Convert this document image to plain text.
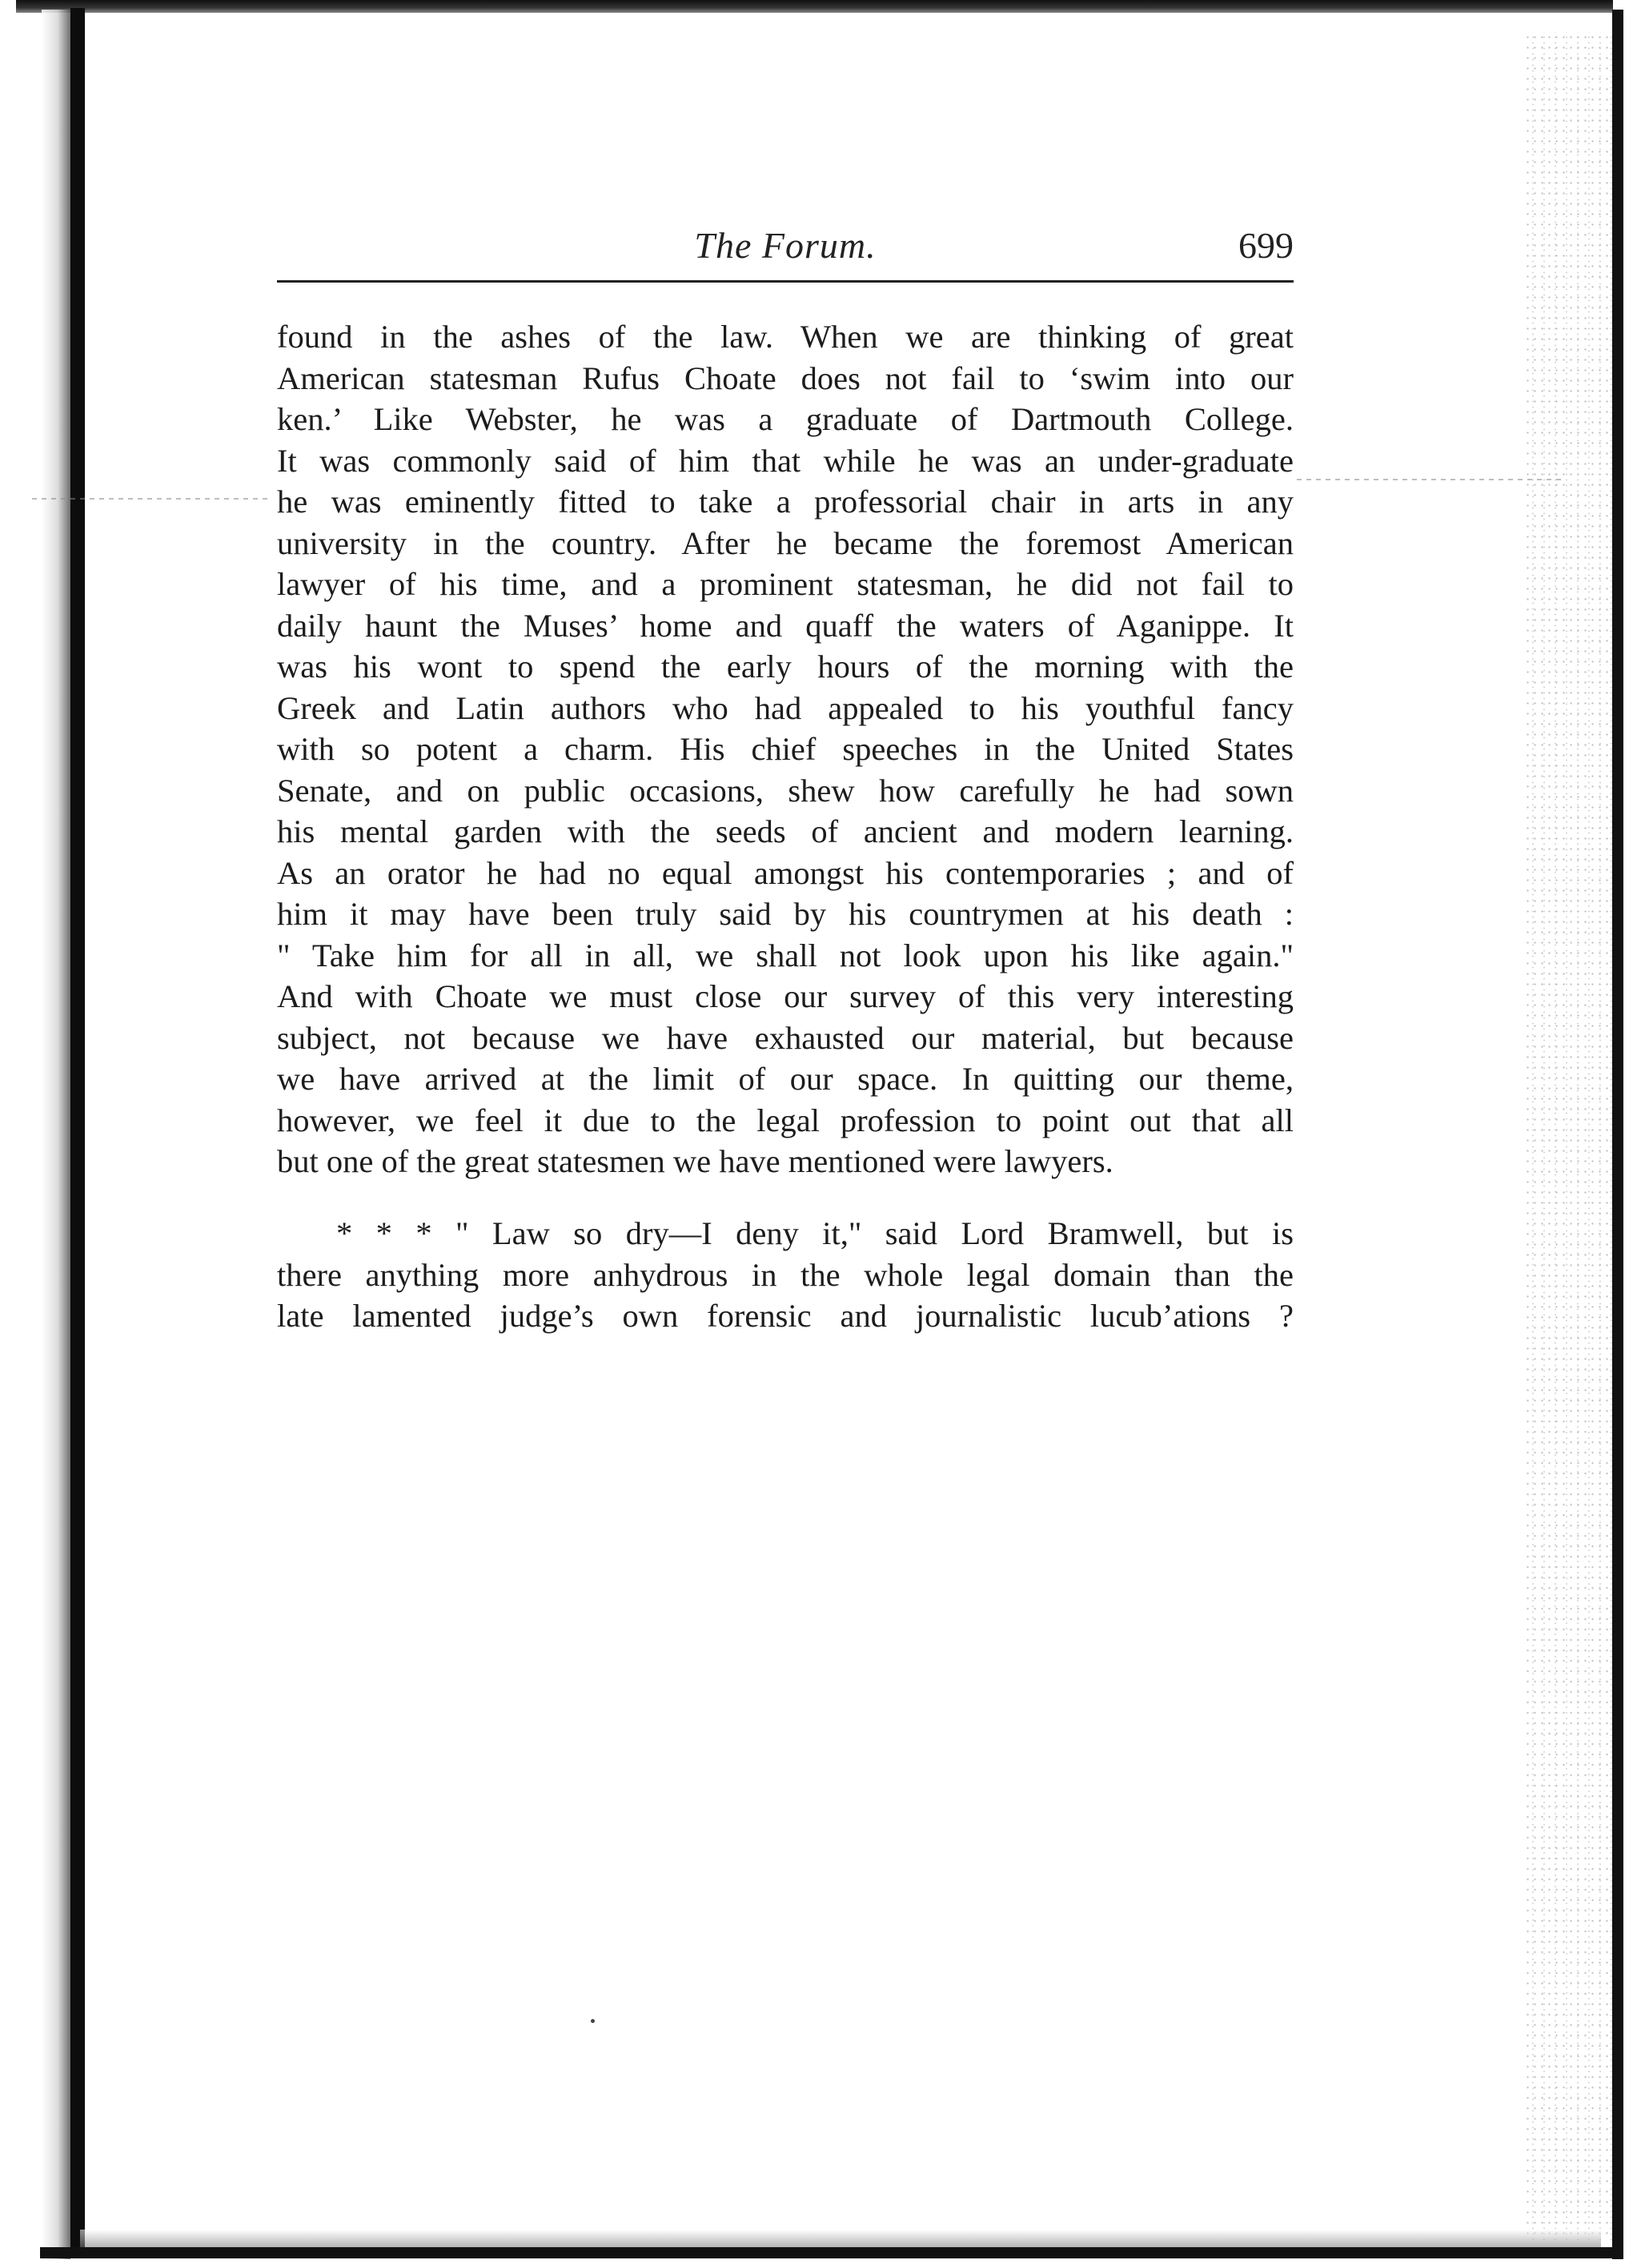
The Forum.	699
found in the ashes of the law. When we are thinking of great
American statesman Rufus Choate does not fail to ‘swim into our
ken.’ Like Webster, he was a graduate of Dartmouth College.
It was commonly said of him that while he was an under-graduate
he was eminently fitted to take a professorial chair in arts in any
university in the country. After he became the foremost American
lawyer of his time, and a prominent statesman, he did not fail to
daily haunt the Muses’ home and quaff the waters of Aganippe. It
was his wont to spend the early hours of the morning with the
Greek and Latin authors who had appealed to his youthful fancy
with so potent a charm. His chief speeches in the United States
Senate, and on public occasions, shew how carefully he had sown
his mental garden with the seeds of ancient and modern learning.
As an orator he had no equal amongst his contemporaries ; and of
him it may have been truly said by his countrymen at his death :
" Take him for all in all, we shall not look upon his like again."
And with Choate we must close our survey of this very interesting
subject, not because we have exhausted our material, but because
we have arrived at the limit of our space. In quitting our theme,
however, we feel it due to the legal profession to point out that all
but one of the great statesmen we have mentioned were lawyers.
* * * " Law so dry—I deny it," said Lord Bramwell, but is
there anything more anhydrous in the whole legal domain than the
late lamented judge’s own forensic and journalistic lucub’ations ?
